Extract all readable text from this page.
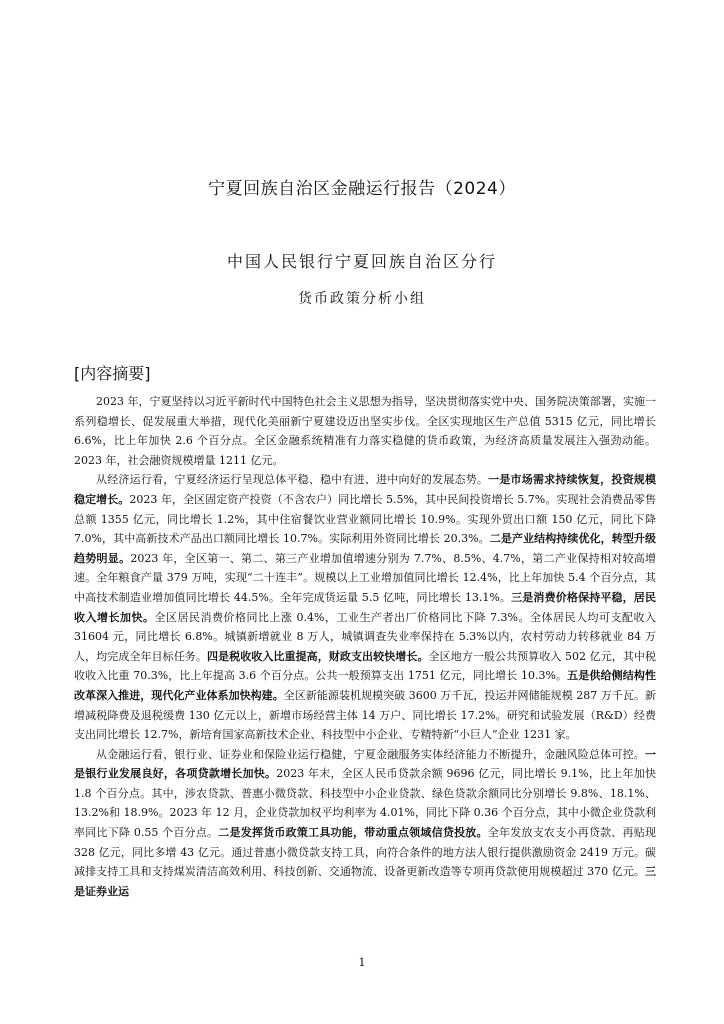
宁夏回族自治区金融运行报告（2024）
中国人民银行宁夏回族自治区分行
货币政策分析小组
[内容摘要]

2023 年，宁夏坚持以习近平新时代中国特色社会主义思想为指导，坚决贯彻落实党中央、国务院决策部署，实施一系列稳增长、促发展重大举措，现代化美丽新宁夏建设迈出坚实步伐。全区实现地区生产总值 5315 亿元，同比增长 6.6%，比上年加快 2.6 个百分点。全区金融系统精准有力落实稳健的货币政策，为经济高质量发展注入强劲动能。2023 年，社会融资规模增量 1211 亿元。

从经济运行看，宁夏经济运行呈现总体平稳、稳中有进、进中向好的发展态势。一是市场需求持续恢复，投资规模稳定增长。2023 年，全区固定资产投资（不含农户）同比增长 5.5%，其中民间投资增长 5.7%。实现社会消费品零售总额 1355 亿元，同比增长 1.2%，其中住宿餐饮业营业额同比增长 10.9%。实现外贸出口额 150 亿元，同比下降 7.0%，其中高新技术产品出口额同比增长 10.7%。实际利用外资同比增长 20.3%。二是产业结构持续优化，转型升级趋势明显。2023 年，全区第一、第二、第三产业增加值增速分别为 7.7%、8.5%、4.7%，第二产业保持相对较高增速。全年粮食产量 379 万吨，实现“二十连丰”。规模以上工业增加值同比增长 12.4%，比上年加快 5.4 个百分点，其中高技术制造业增加值同比增长 44.5%。全年完成货运量 5.5 亿吨，同比增长 13.1%。三是消费价格保持平稳，居民收入增长加快。全区居民消费价格同比上涨 0.4%，工业生产者出厂价格同比下降 7.3%。全体居民人均可支配收入 31604 元，同比增长 6.8%。城镇新增就业 8 万人，城镇调查失业率保持在 5.3%以内，农村劳动力转移就业 84 万人，均完成全年目标任务。四是税收收入比重提高，财政支出较快增长。全区地方一般公共预算收入 502 亿元，其中税收收入比重 70.3%，比上年提高 3.6 个百分点。公共一般预算支出 1751 亿元，同比增长 10.3%。五是供给侧结构性改革深入推进，现代化产业体系加快构建。全区新能源装机规模突破 3600 万千瓦，投运并网储能规模 287 万千瓦。新增减税降费及退税缓费 130 亿元以上，新增市场经营主体 14 万户、同比增长 17.2%。研究和试验发展（R&D）经费支出同比增长 12.7%，新培育国家高新技术企业、科技型中小企业、专精特新“小巨人”企业 1231 家。

从金融运行看，银行业、证券业和保险业运行稳健，宁夏金融服务实体经济能力不断提升，金融风险总体可控。一是银行业发展良好，各项贷款增长加快。2023 年末，全区人民币贷款余额 9696 亿元，同比增长 9.1%，比上年加快 1.8 个百分点。其中，涉农贷款、普惠小微贷款、科技型中小企业贷款、绿色贷款余额同比分别增长 9.8%、18.1%、13.2%和 18.9%。2023 年 12 月，企业贷款加权平均利率为 4.01%，同比下降 0.36 个百分点，其中小微企业贷款利率同比下降 0.55 个百分点。二是发挥货币政策工具功能，带动重点领域信贷投放。全年发放支农支小再贷款、再贴现 328 亿元，同比多增 43 亿元。通过普惠小微贷款支持工具，向符合条件的地方法人银行提供激励资金 2419 万元。碳减排支持工具和支持煤炭清洁高效利用、科技创新、交通物流、设备更新改造等专项再贷款使用规模超过 370 亿元。三是证券业运

1
